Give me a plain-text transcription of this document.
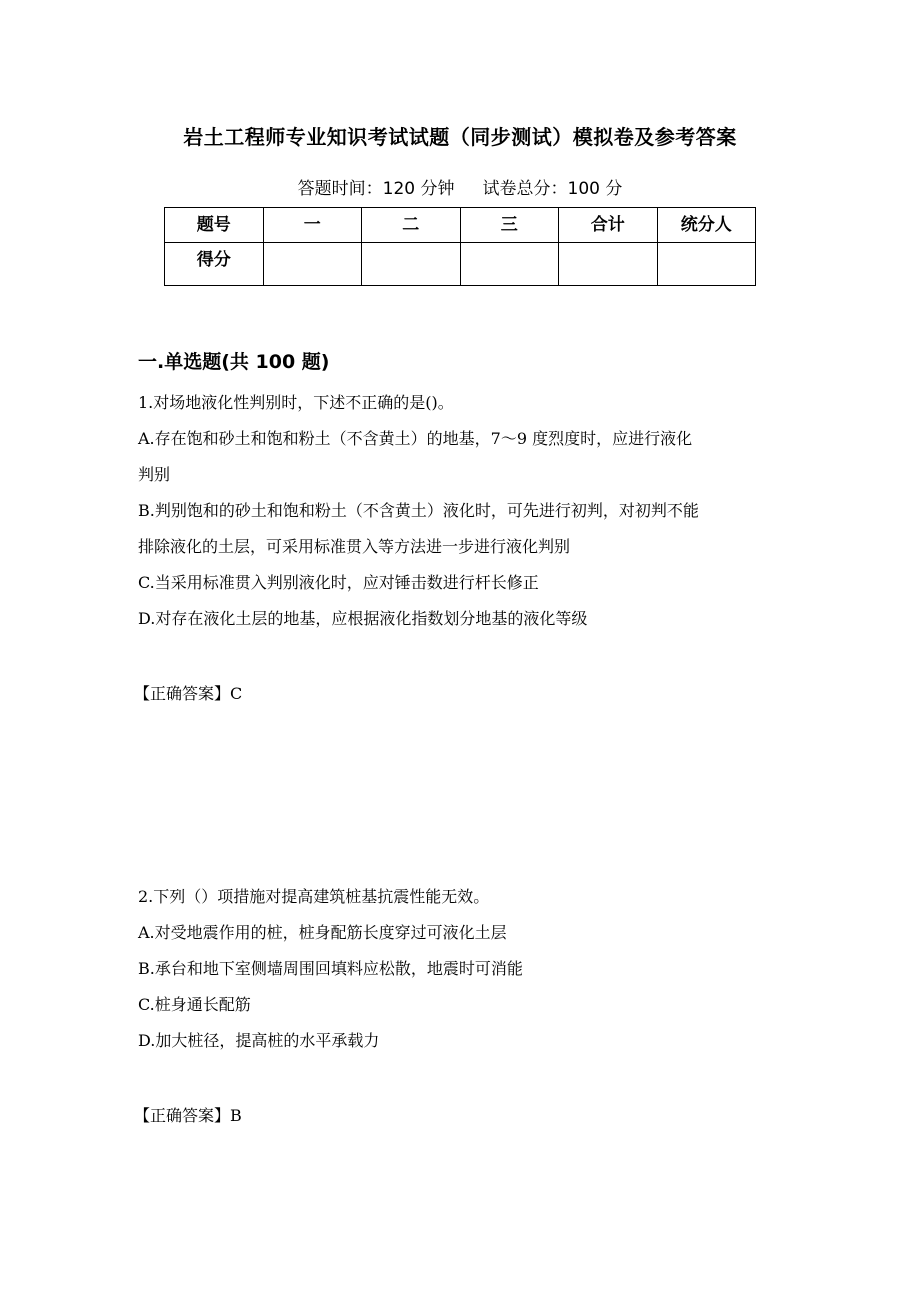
岩土工程师专业知识考试试题（同步测试）模拟卷及参考答案
答题时间：120 分钟 试卷总分：100 分
题号	一	二	三	合计	统分人
得分					
一.单选题(共 100 题)
1.对场地液化性判别时，下述不正确的是()。
A.存在饱和砂土和饱和粉土（不含黄土）的地基，7～9 度烈度时，应进行液化
判别
B.判别饱和的砂土和饱和粉土（不含黄土）液化时，可先进行初判，对初判不能
排除液化的土层，可采用标准贯入等方法进一步进行液化判别
C.当采用标准贯入判别液化时，应对锤击数进行杆长修正
D.对存在液化土层的地基，应根据液化指数划分地基的液化等级
【正确答案】C
2.下列（）项措施对提高建筑桩基抗震性能无效。
A.对受地震作用的桩，桩身配筋长度穿过可液化土层
B.承台和地下室侧墙周围回填料应松散，地震时可消能
C.桩身通长配筋
D.加大桩径，提高桩的水平承载力
【正确答案】B
